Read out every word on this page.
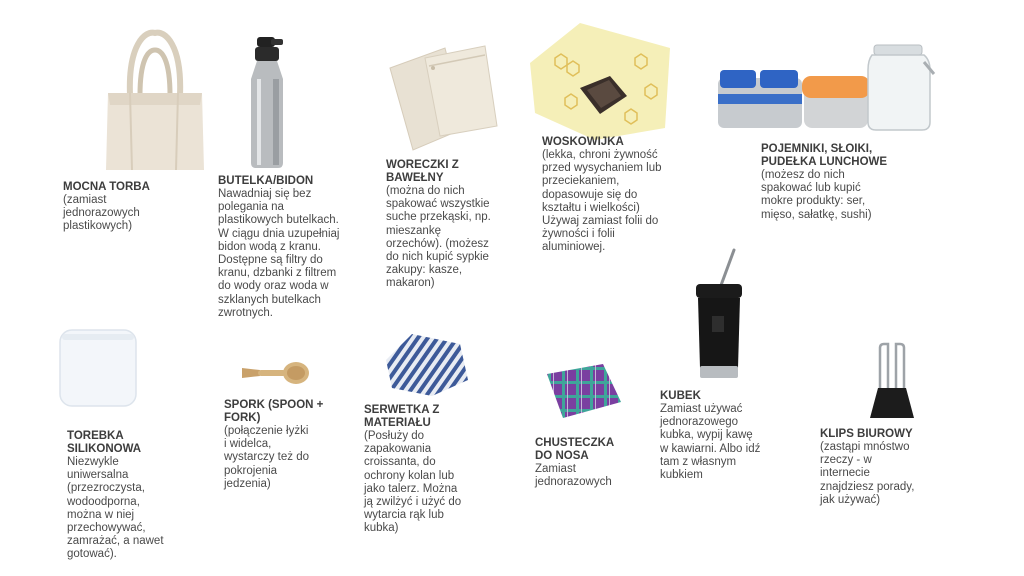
MOCNA TORBA
(zamiast
jednorazowych
plastikowych)
BUTELKA/BIDON
Nawadniaj się bez
polegania na
plastikowych butelkach.
W ciągu dnia uzupełniaj
bidon wodą z kranu.
Dostępne są filtry do
kranu, dzbanki z filtrem
do wody oraz woda w
szklanych butelkach
zwrotnych.
WORECZKI Z
BAWEŁNY
(można do nich
spakować wszystkie
suche przekąski, np.
mieszankę
orzechów). (możesz
do nich kupić sypkie
zakupy: kasze,
makaron)
WOSKOWIJKA
(lekka, chroni żywność
przed wysychaniem lub
przeciekaniem,
dopasowuje się do
kształtu i wielkości)
Używaj zamiast folii do
żywności i folii
aluminiowej.
POJEMNIKI, SŁOIKI,
PUDEŁKA LUNCHOWE
(możesz do nich
spakować lub kupić
mokre produkty: ser,
mięso, sałatkę, sushi)
TOREBKA
SILIKONOWA
Niezwykle
uniwersalna
(przezroczysta,
wodoodporna,
można w niej
przechowywać,
zamrażać, a nawet
gotować).
SPORK (SPOON +
FORK)
(połączenie łyżki
i widelca,
wystarczy też do
pokrojenia
jedzenia)
SERWETKA Z
MATERIAŁU
(Posłuży do
zapakowania
croissanta, do
ochrony kolan lub
jako talerz. Można
ją zwilżyć i użyć do
wytarcia rąk lub
kubka)
CHUSTECZKA
DO NOSA
Zamiast
jednorazowych
KUBEK
Zamiast używać
jednorazowego
kubka, wypij kawę
w kawiarni. Albo idź
tam z własnym
kubkiem
KLIPS BIUROWY
(zastąpi mnóstwo
rzeczy - w
internecie
znajdziesz porady,
jak używać)
